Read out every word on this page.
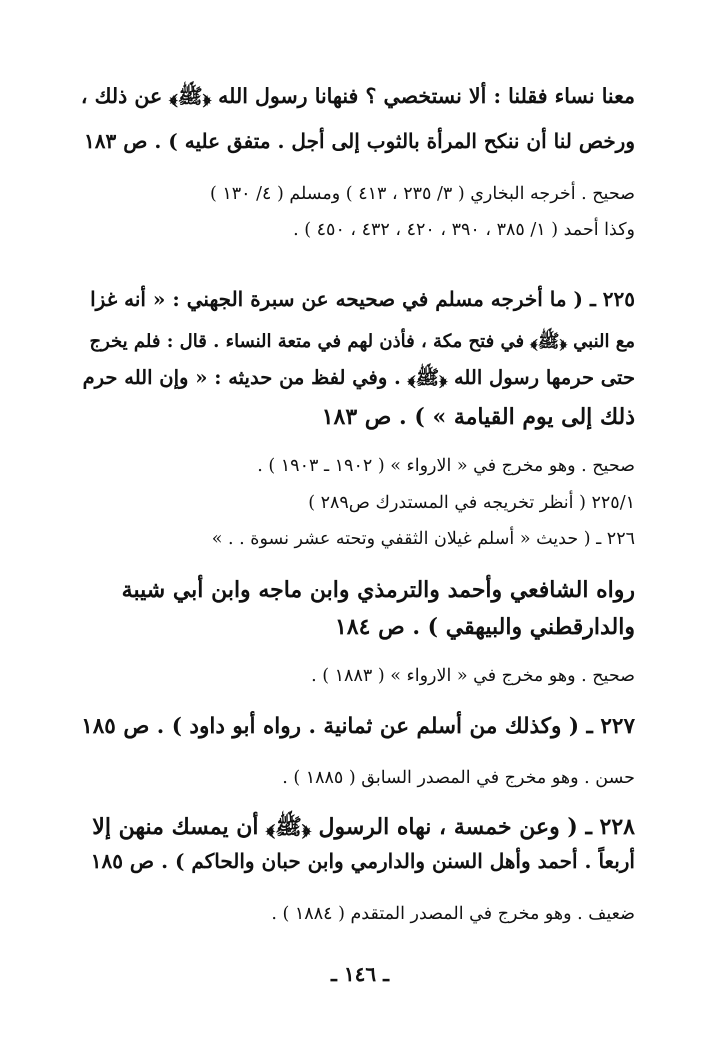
معنا نساء فقلنا : ألا نستخصي ؟ فنهانا رسول الله ﴿ﷺ﴾ عن ذلك ،
ورخص لنا أن ننكح المرأة بالثوب إلى أجل . متفق عليه ) . ص ١٨٣
صحيح . أخرجه البخاري ( ٣/ ٢٣٥ ، ٤١٣ ) ومسلم ( ٤/ ١٣٠ )
وكذا أحمد ( ١/ ٣٨٥ ، ٣٩٠ ، ٤٢٠ ، ٤٣٢ ، ٤٥٠ ) .
٢٢٥ ـ ( ما أخرجه مسلم في صحيحه عن سبرة الجهني : « أنه غزا
مع النبي ﴿ﷺ﴾ في فتح مكة ، فأذن لهم في متعة النساء . قال : فلم يخرج
حتى حرمها رسول الله ﴿ﷺ﴾ . وفي لفظ من حديثه : « وإن الله حرم
ذلك إلى يوم القيامة » ) . ص ١٨٣
صحيح . وهو مخرج في « الارواء » ( ١٩٠٢ ـ ١٩٠٣ ) .
٢٢٥/١ ( أنظر تخريجه في المستدرك ص٢٨٩ )
٢٢٦ ـ ( حديث « أسلم غيلان الثقفي وتحته عشر نسوة . . »
رواه الشافعي وأحمد والترمذي وابن ماجه وابن أبي شيبة
والدارقطني والبيهقي ) . ص ١٨٤
صحيح . وهو مخرج في « الارواء » ( ١٨٨٣ ) .
٢٢٧ ـ ( وكذلك من أسلم عن ثمانية . رواه أبو داود ) . ص ١٨٥
حسن . وهو مخرج في المصدر السابق ( ١٨٨٥ ) .
٢٢٨ ـ ( وعن خمسة ، نهاه الرسول ﴿ﷺ﴾ أن يمسك منهن إلا
أربعاً . أحمد وأهل السنن والدارمي وابن حبان والحاكم ) . ص ١٨٥
ضعيف . وهو مخرج في المصدر المتقدم ( ١٨٨٤ ) .
ـ ١٤٦ ـ
